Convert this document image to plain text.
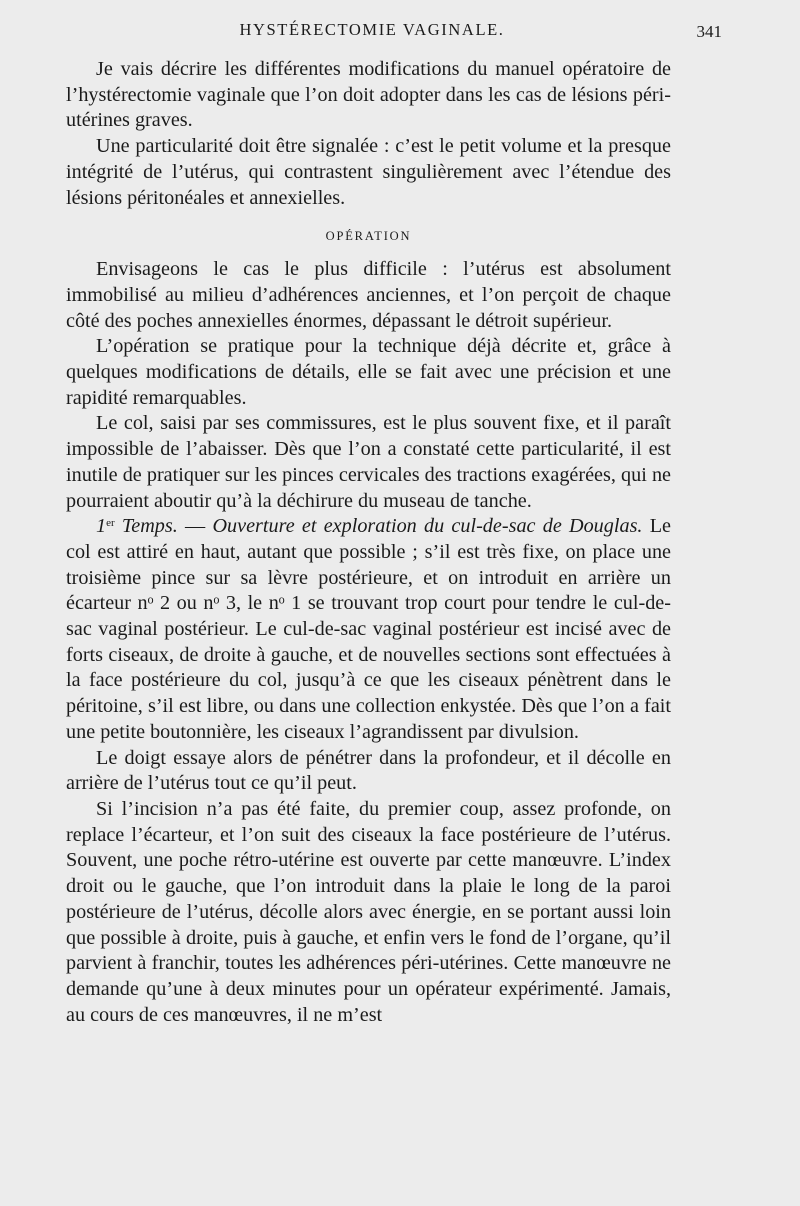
HYSTÉRECTOMIE VAGINALE.	341

Je vais décrire les différentes modifications du manuel opératoire de l’hystérectomie vaginale que l’on doit adopter dans les cas de lésions péri-utérines graves.

Une particularité doit être signalée : c’est le petit volume et la presque intégrité de l’utérus, qui contrastent singulièrement avec l’étendue des lésions péritonéales et annexielles.

OPÉRATION

Envisageons le cas le plus difficile : l’utérus est absolument immobilisé au milieu d’adhérences anciennes, et l’on perçoit de chaque côté des poches annexielles énormes, dépassant le détroit supérieur.

L’opération se pratique pour la technique déjà décrite et, grâce à quelques modifications de détails, elle se fait avec une précision et une rapidité remarquables.

Le col, saisi par ses commissures, est le plus souvent fixe, et il paraît impossible de l’abaisser. Dès que l’on a constaté cette particularité, il est inutile de pratiquer sur les pinces cervicales des tractions exagérées, qui ne pourraient aboutir qu’à la déchirure du museau de tanche.

1er Temps. — Ouverture et exploration du cul-de-sac de Douglas. Le col est attiré en haut, autant que possible ; s’il est très fixe, on place une troisième pince sur sa lèvre postérieure, et on introduit en arrière un écarteur nᵒ 2 ou nᵒ 3, le nᵒ 1 se trouvant trop court pour tendre le cul-de-sac vaginal postérieur. Le cul-de-sac vaginal postérieur est incisé avec de forts ciseaux, de droite à gauche, et de nouvelles sections sont effectuées à la face postérieure du col, jusqu’à ce que les ciseaux pénètrent dans le péritoine, s’il est libre, ou dans une collection enkystée. Dès que l’on a fait une petite boutonnière, les ciseaux l’agrandissent par divulsion.

Le doigt essaye alors de pénétrer dans la profondeur, et il décolle en arrière de l’utérus tout ce qu’il peut.

Si l’incision n’a pas été faite, du premier coup, assez profonde, on replace l’écarteur, et l’on suit des ciseaux la face postérieure de l’utérus. Souvent, une poche rétro-utérine est ouverte par cette manœuvre. L’index droit ou le gauche, que l’on introduit dans la plaie le long de la paroi postérieure de l’utérus, décolle alors avec énergie, en se portant aussi loin que possible à droite, puis à gauche, et enfin vers le fond de l’organe, qu’il parvient à franchir, toutes les adhérences péri-utérines. Cette manœuvre ne demande qu’une à deux minutes pour un opérateur expérimenté. Jamais, au cours de ces manœuvres, il ne m’est
